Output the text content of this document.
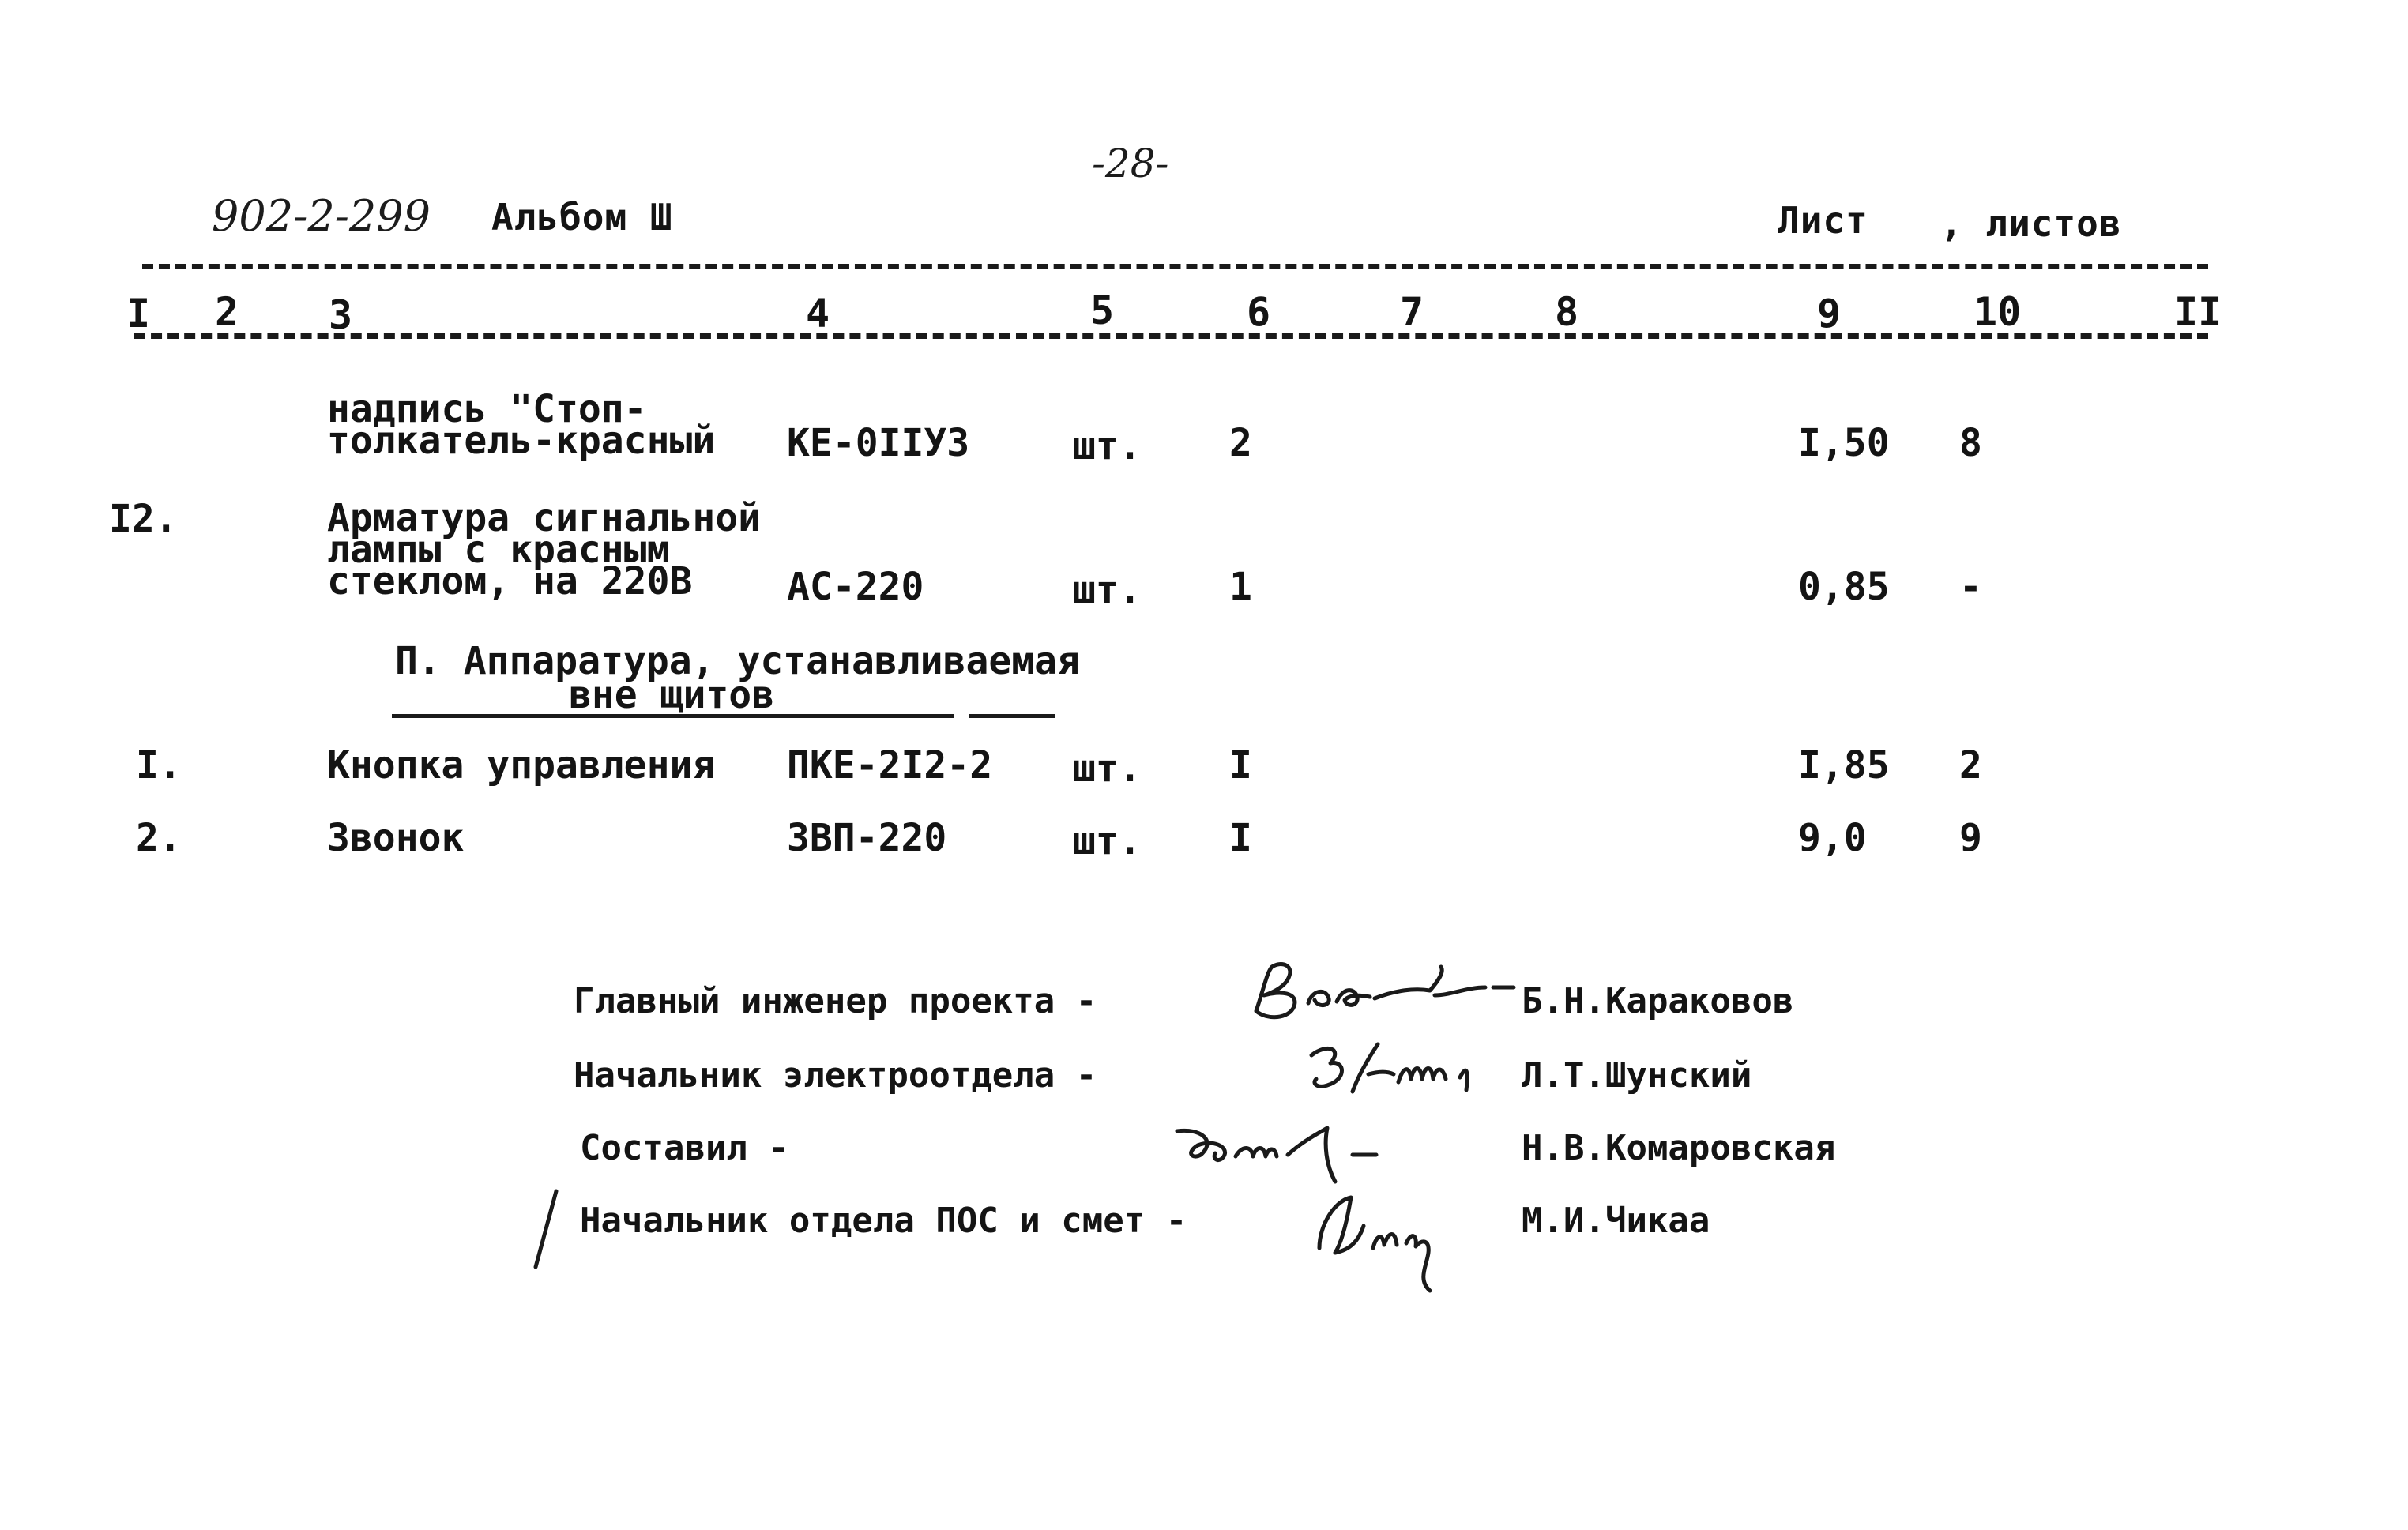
-28-
902-2-299 Альбом Ш	Лист , листов
I 2 3	4	5	6	7	8	9	10	II
надпись "Стоп-
толкатель-красный КЕ-0IIУ3	шт. 2	I,50 8
I2.	Арматура сигнальной
лампы с красным
стеклом, на 220В	АС-220	шт. 1	0,85 -
П. Аппаратура, устанавливаемая
вне щитов
I.	Кнопка управления ПКЕ-2I2-2 шт. I	I,85 2
2.	Звонок	ЗВП-220	шт. I	9,0 9
Главный инженер проекта -	Б.Н.Караковов
Начальник электроотдела -	Л.Т.Шунский
Составил -	Н.В.Комаровская
Начальник отдела ПОС и смет -	М.И.Чикаа
